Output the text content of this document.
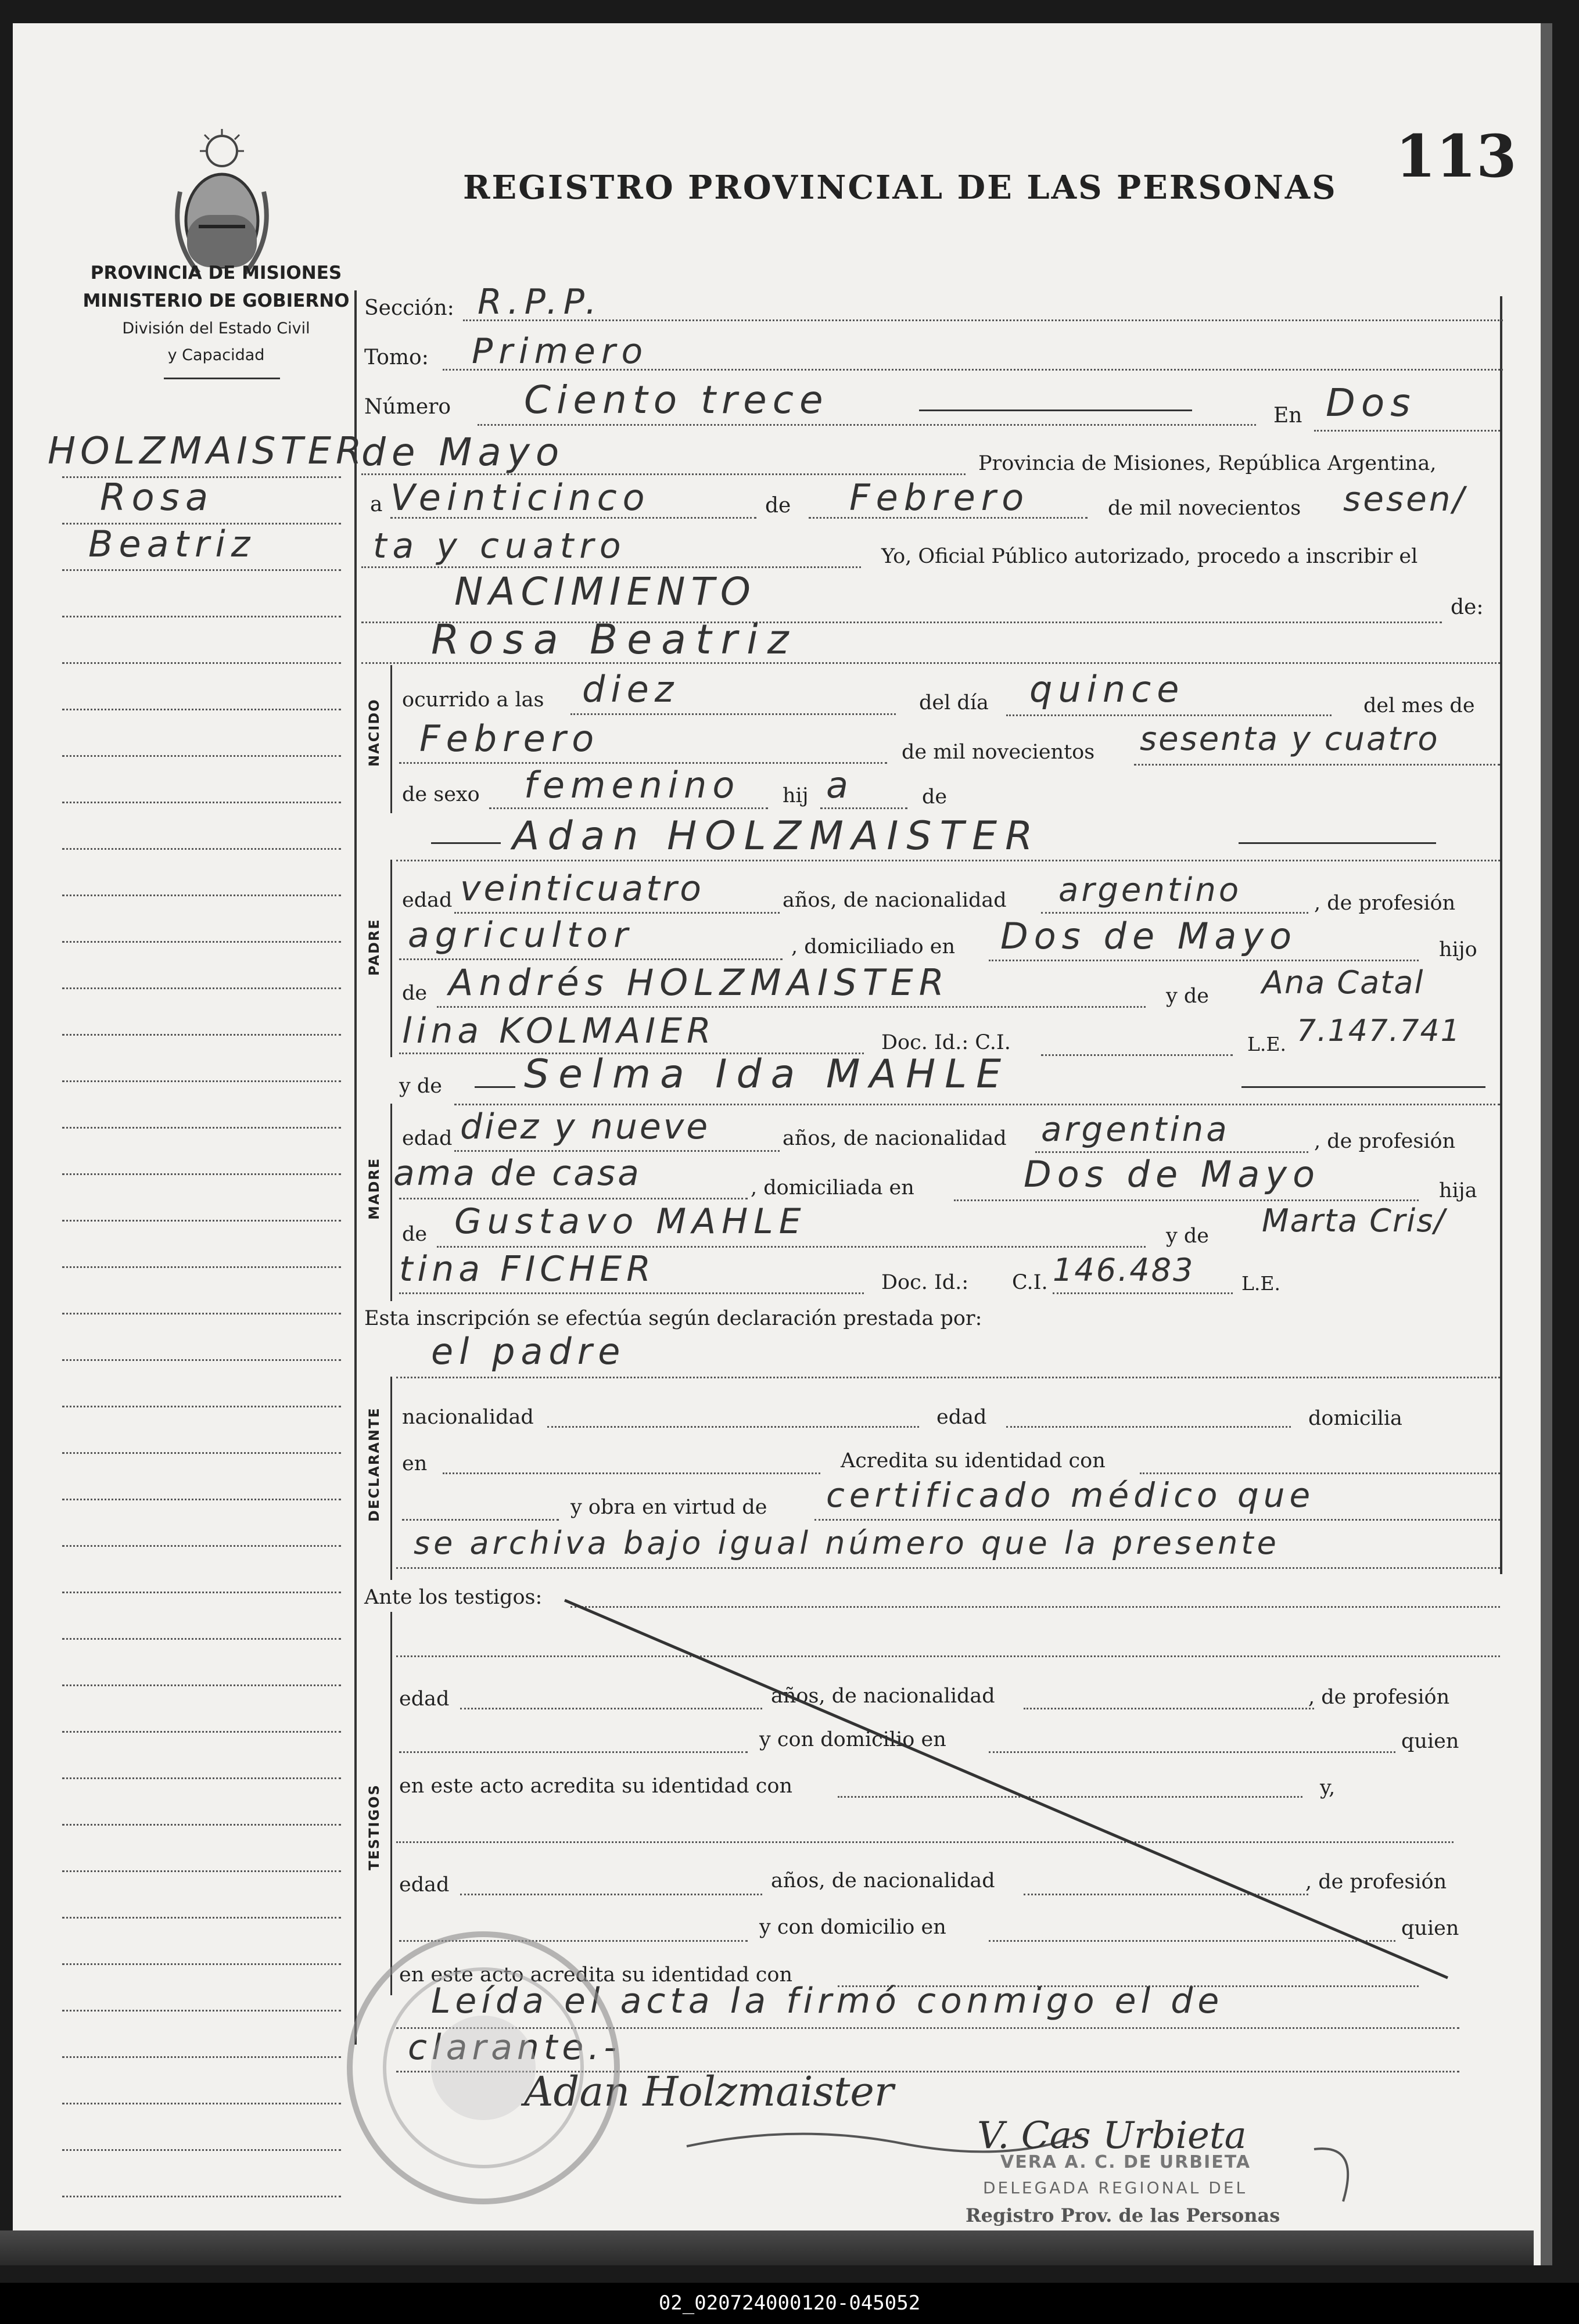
PROVINCIA DE MISIONES
MINISTERIO DE GOBIERNO
División del Estado Civil
y Capacidad
REGISTRO PROVINCIAL DE LAS PERSONAS 113
HOLZMAISTER
Rosa
Beatriz
Sección: R.P.P.
Tomo: Primero
Número Ciento trece	En Dos
de Mayo	Provincia de Misiones, República Argentina,
a Veinticinco	de Febrero	de mil novecientos sesen/
ta y cuatro	Yo, Oficial Público autorizado, procedo a inscribir el
NACIMIENTO	de:
Rosa Beatriz
NACIDO ocurrido a las diez	del día quince	del mes de
Febrero	de mil novecientos sesenta y cuatro
de sexo femenino hij a	de
Adan HOLZMAISTER
PADRE
edad veinticuatro	años, de nacionalidad argentino	, de profesión
agricultor	, domiciliado en Dos de Mayo	hijo
de Andrés HOLZMAISTER	y de Ana Catal
lina KOLMAIER	Doc. Id.: C.I.	L.E. 7.147.741
y de Selma Ida MAHLE
MADRE
edad diez y nueve	años, de nacionalidad argentina	, de profesión
ama de casa	, domiciliada en	Dos de Mayo	hija
de Gustavo MAHLE	y de Marta Cris/
tina FICHER	Doc. Id.: C.I. 146.483 L.E.
Esta inscripción se efectúa según declaración prestada por:
el padre
DECLARANTE nacionalidad	edad	domicilia
en	Acredita su identidad con
y obra en virtud de certificado médico que
se archiva bajo igual número que la presente
Ante los testigos:
TESTIGOS
edad	años, de nacionalidad	, de profesión
y con domicilio en	quien
en este acto acredita su identidad con	y,
edad	años, de nacionalidad	, de profesión
y con domicilio en	quien
en este acto acredita su identidad con
Leída el acta la firmó conmigo el de
clarante.-
Adan Holzmaister
V. Cas Urbieta
VERA A. C. DE URBIETA
DELEGADA REGIONAL DEL
Registro Prov. de las Personas
02_020724000120-045052
